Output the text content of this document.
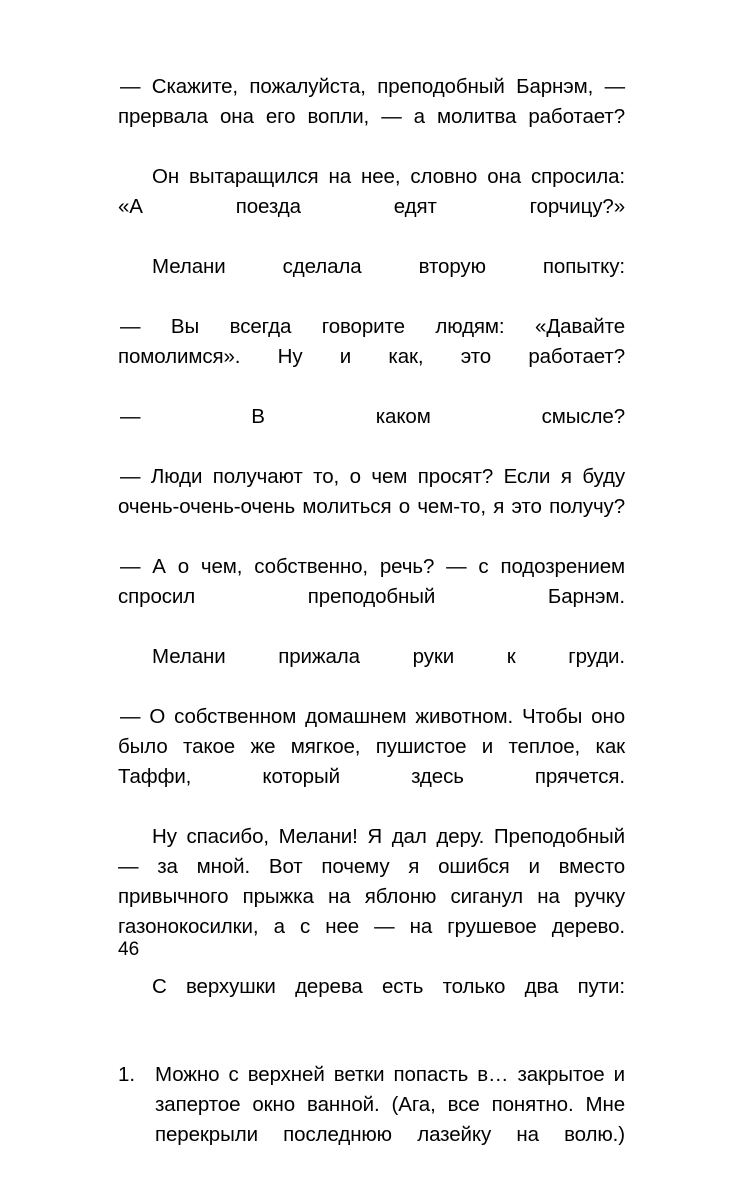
— Скажите, пожалуйста, преподобный Барнэм, — прервала она его вопли, — а молитва работает?

Он вытаращился на нее, словно она спросила: «А поезда едят горчицу?»

Мелани сделала вторую попытку:

— Вы всегда говорите людям: «Давайте помолимся». Ну и как, это работает?

— В каком смысле?

— Люди получают то, о чем просят? Если я буду очень-очень-очень молиться о чем-то, я это получу?

— А о чем, собственно, речь? — с подозрением спросил преподобный Барнэм.

Мелани прижала руки к груди.

— О собственном домашнем животном. Чтобы оно было такое же мягкое, пушистое и теплое, как Таффи, который здесь прячется.

Ну спасибо, Мелани! Я дал деру. Преподобный — за мной. Вот почему я ошибся и вместо привычного прыжка на яблоню сиганул на ручку газонокосилки, а с нее — на грушевое дерево.

С верхушки дерева есть только два пути:

1. Можно с верхней ветки попасть в… закрытое и запертое окно ванной. (Ага, все понятно. Мне перекрыли последнюю лазейку на волю.)
46
